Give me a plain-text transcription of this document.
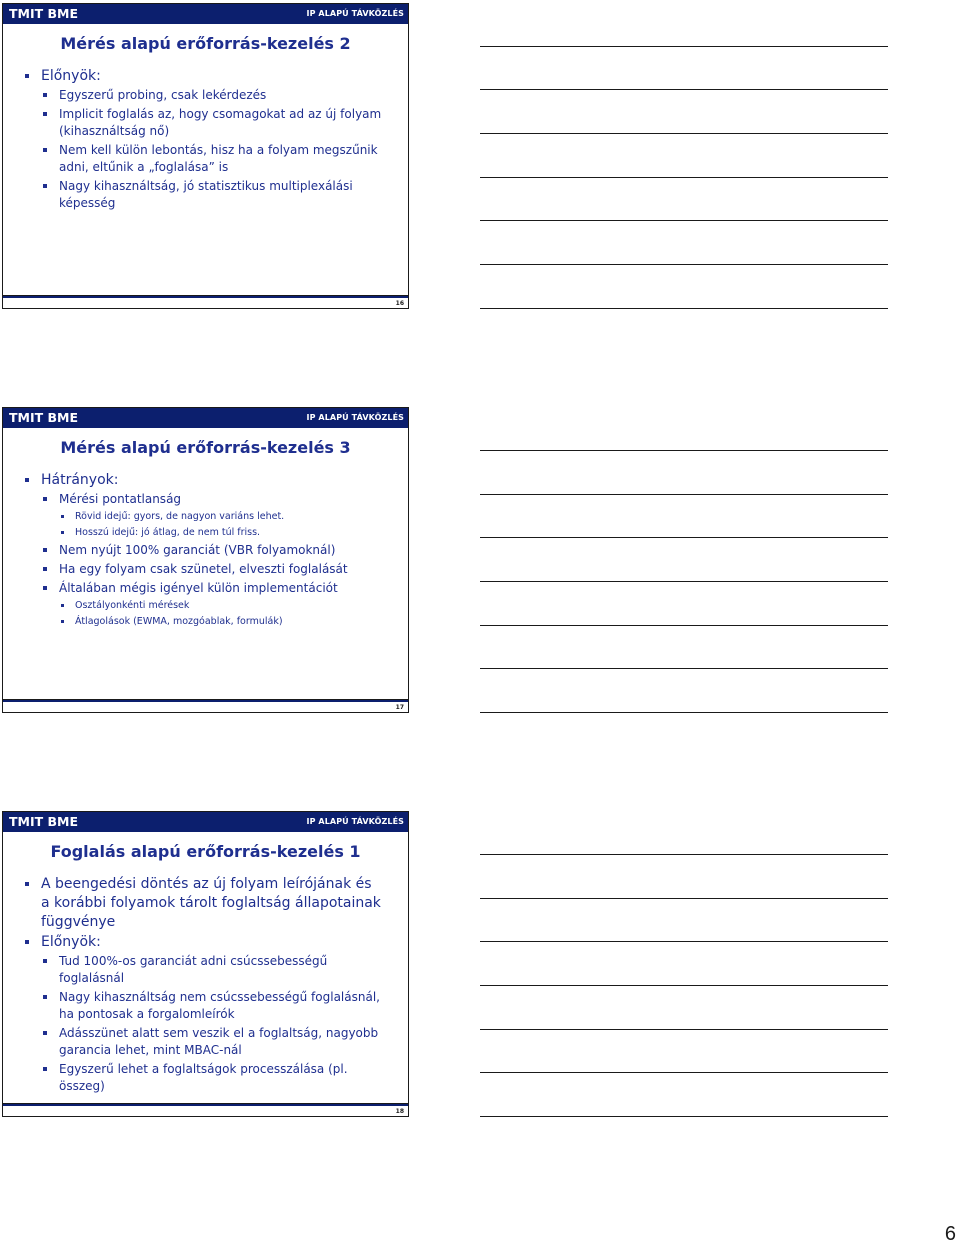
TMIT BME	IP ALAPÚ TÁVKÖZLÉS
Mérés alapú erőforrás-kezelés 2
Előnyök:
Egyszerű probing, csak lekérdezés
Implicit foglalás az, hogy csomagokat ad az új folyam (kihasználtság nő)
Nem kell külön lebontás, hisz ha a folyam megszűnik adni, eltűnik a „foglalása” is
Nagy kihasználtság, jó statisztikus multiplexálási képesség
16
TMIT BME	IP ALAPÚ TÁVKÖZLÉS
Mérés alapú erőforrás-kezelés 3
Hátrányok:
Mérési pontatlanság
Rövid idejű: gyors, de nagyon variáns lehet.
Hosszú idejű: jó átlag, de nem túl friss.
Nem nyújt 100% garanciát (VBR folyamoknál)
Ha egy folyam csak szünetel, elveszti foglalását
Általában mégis igényel külön implementációt
Osztályonkénti mérések
Átlagolások (EWMA, mozgóablak, formulák)
17
TMIT BME	IP ALAPÚ TÁVKÖZLÉS
Foglalás alapú erőforrás-kezelés 1
A beengedési döntés az új folyam leírójának és a korábbi folyamok tárolt foglaltság állapotainak függvénye
Előnyök:
Tud 100%-os garanciát adni csúcssebességű foglalásnál
Nagy kihasználtság nem csúcssebességű foglalásnál, ha pontosak a forgalomleírók
Adásszünet alatt sem veszik el a foglaltság, nagyobb garancia lehet, mint MBAC-nál
Egyszerű lehet a foglaltságok processzálása (pl. összeg)
18
6
